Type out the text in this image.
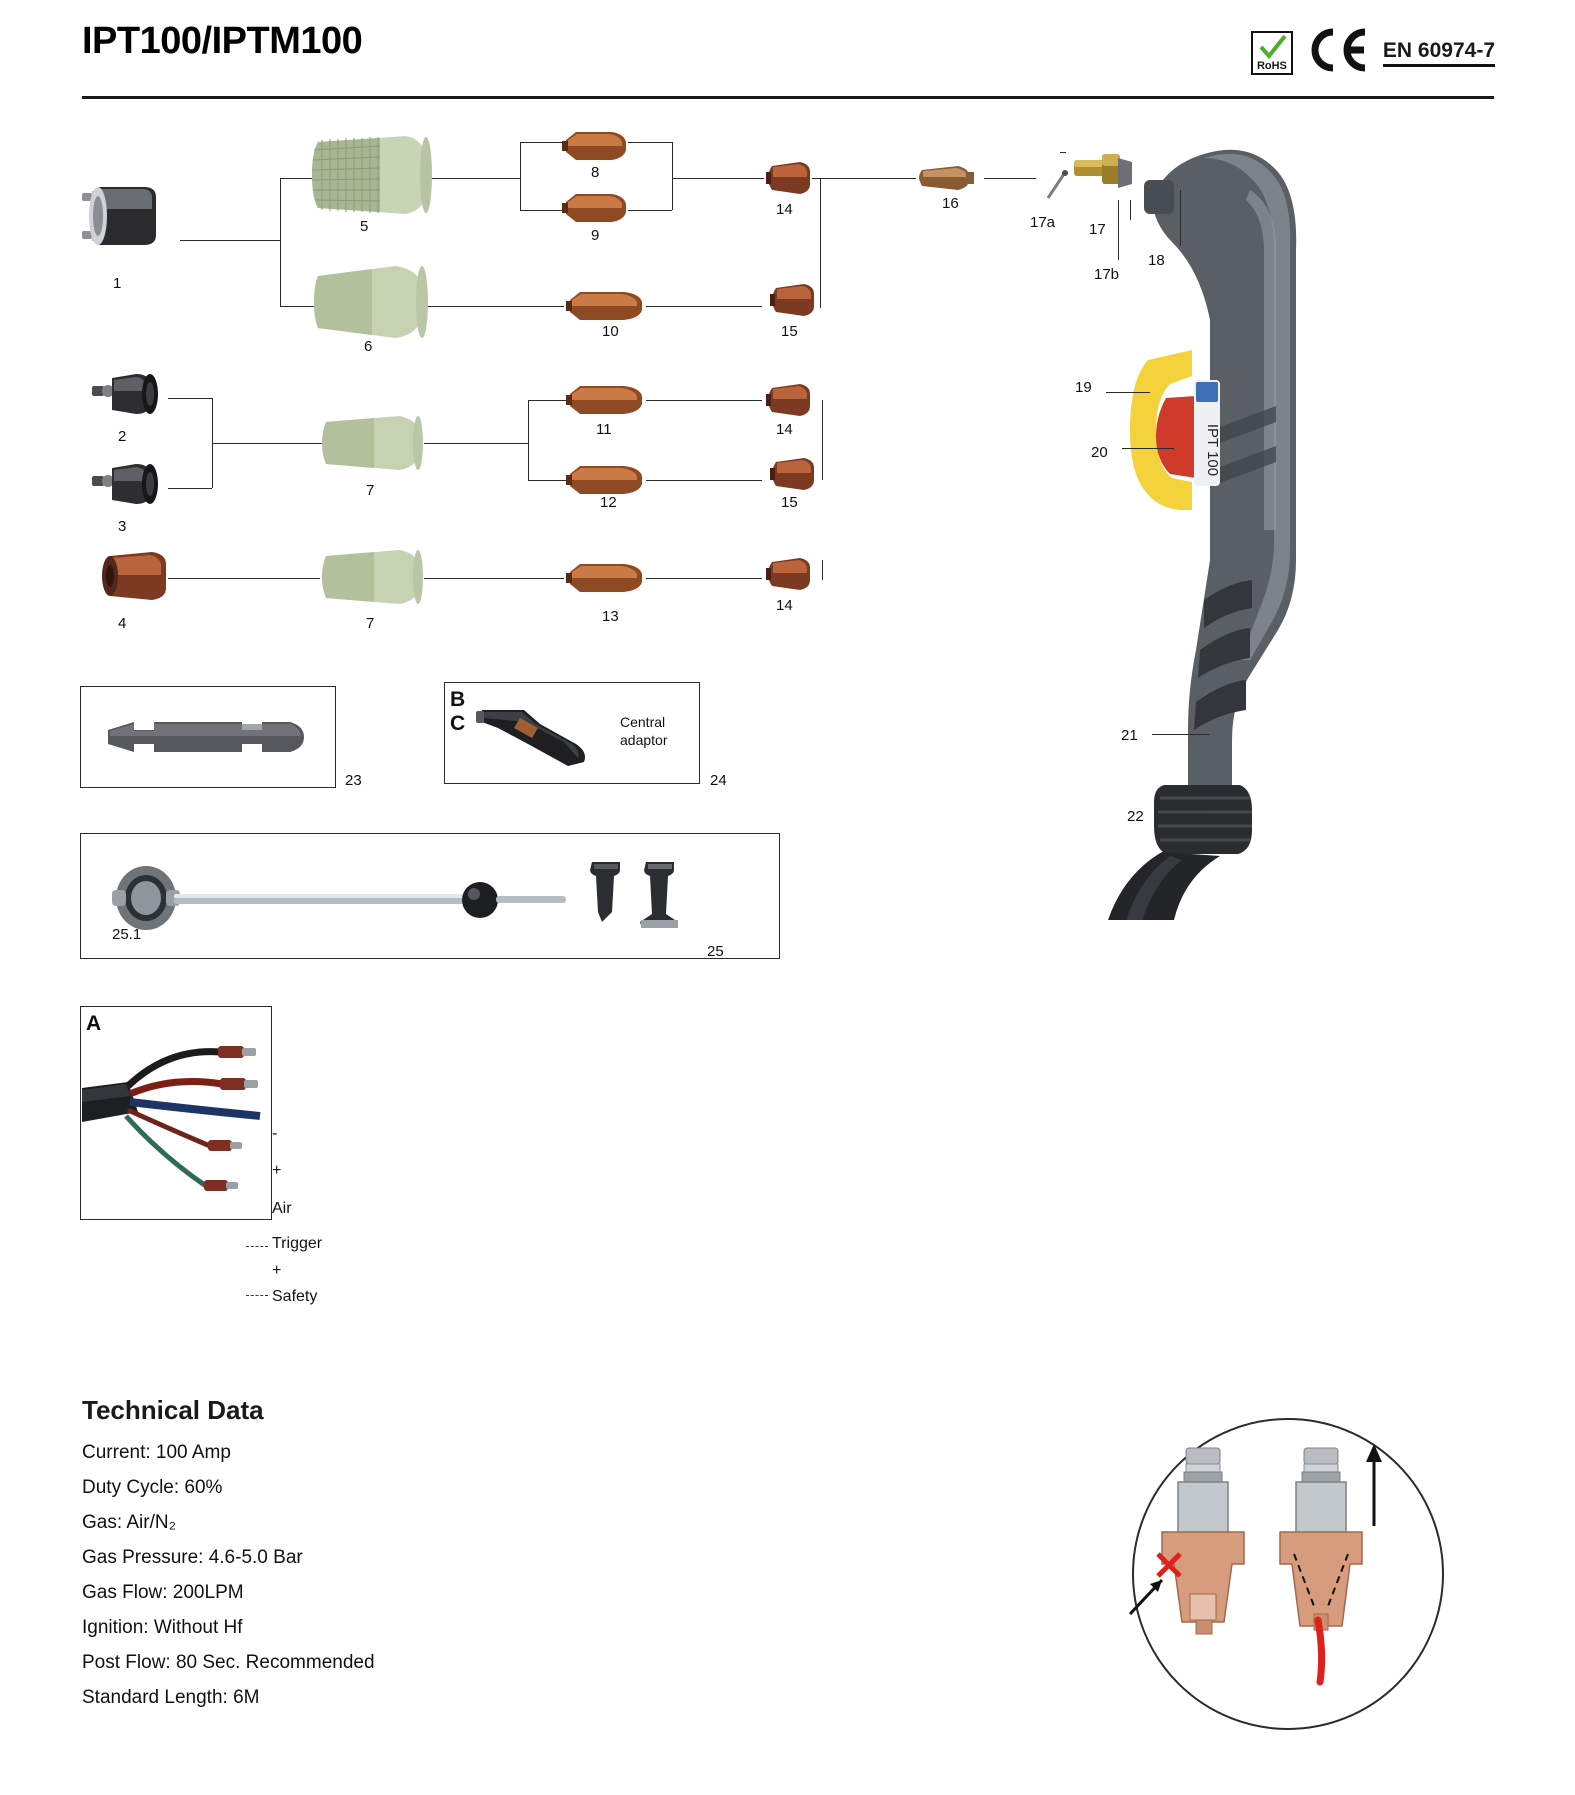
IPT100/IPTM100
RoHS
EN 60974-7
IPT 100
B
C	Central
adaptor
A
Technical Data
Current: 100 Amp
Duty Cycle: 60%
Gas: Air/N₂
Gas Pressure: 4.6-5.0 Bar
Gas Flow: 200LPM
Ignition: Without Hf
Post Flow: 80 Sec. Recommended
Standard Length: 6M
1
2
3
4
5
6
7
7
8
9
10
11
12
13
14
15
14
15
14
16
17a 17
17b
18
19
20
21
22
23	24
25
25.1
-
+
Air
Trigger
+
Safety
